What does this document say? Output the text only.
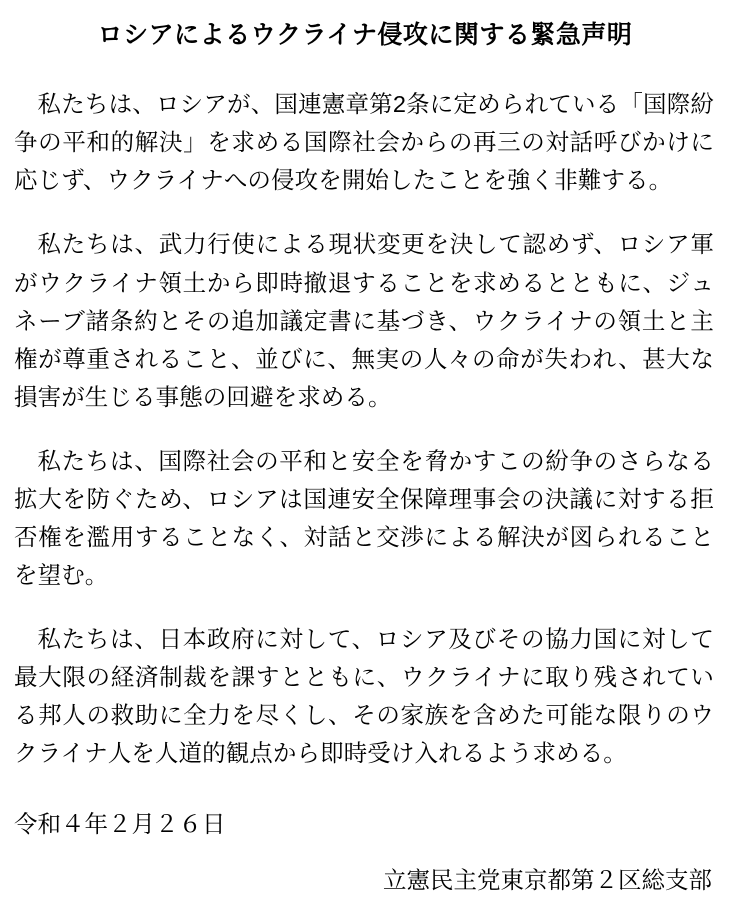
ロシアによるウクライナ侵攻に関する緊急声明

私たちは、ロシアが、国連憲章第2条に定められている「国際紛争の平和的解決」を求める国際社会からの再三の対話呼びかけに応じず、ウクライナへの侵攻を開始したことを強く非難する。

私たちは、武力行使による現状変更を決して認めず、ロシア軍がウクライナ領土から即時撤退することを求めるとともに、ジュネーブ諸条約とその追加議定書に基づき、ウクライナの領土と主権が尊重されること、並びに、無実の人々の命が失われ、甚大な損害が生じる事態の回避を求める。

私たちは、国際社会の平和と安全を脅かすこの紛争のさらなる拡大を防ぐため、ロシアは国連安全保障理事会の決議に対する拒否権を濫用することなく、対話と交渉による解決が図られることを望む。

私たちは、日本政府に対して、ロシア及びその協力国に対して最大限の経済制裁を課すとともに、ウクライナに取り残されている邦人の救助に全力を尽くし、その家族を含めた可能な限りのウクライナ人を人道的観点から即時受け入れるよう求める。

令和４年２月２６日
立憲民主党東京都第２区総支部
